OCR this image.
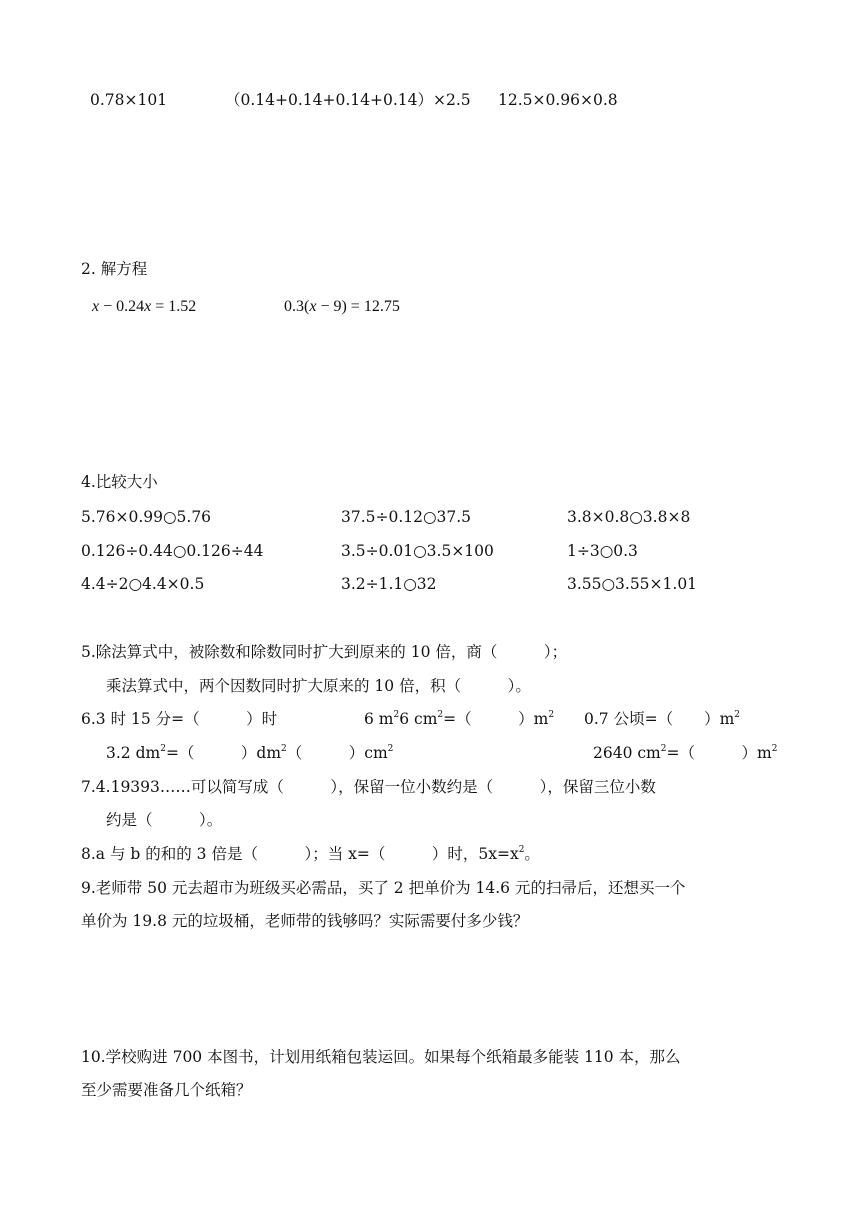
0.78×101	（0.14+0.14+0.14+0.14）×2.5 12.5×0.96×0.8
2. 解方程
x − 0.24x = 1.52	0.3(x − 9) = 12.75
4.比较大小
5.76×0.99○5.76	37.5÷0.12○37.5	3.8×0.8○3.8×8
0.126÷0.44○0.126÷44	3.5÷0.01○3.5×100	1÷3○0.3
4.4÷2○4.4×0.5	3.2÷1.1○32	3.55○3.55×1.01
5.除法算式中，被除数和除数同时扩大到原来的 10 倍，商（　　　）；
乘法算式中，两个因数同时扩大原来的 10 倍，积（　　　）。
6.3 时 15 分=（　　　）时	6 $m^26$ $cm^2=$（　　　）$m^2$ 0.7 公顷=（　　）$m^2$
3.2 $dm^2=$（　　　）$dm^2$（　　　）$cm^2$	2640 $cm^2=$（　　　）$m^2$
7.4.19393……可以简写成（　　　），保留一位小数约是（　　　），保留三位小数
约是（　　　）。
8.a 与 b 的和的 3 倍是（　　　）；当 x=（　　　）时，$5x=x^2$。
9.老师带 50 元去超市为班级买必需品，买了 2 把单价为 14.6 元的扫帚后，还想买一个
单价为 19.8 元的垃圾桶，老师带的钱够吗？实际需要付多少钱？
10.学校购进 700 本图书，计划用纸箱包装运回。如果每个纸箱最多能装 110 本，那么
至少需要准备几个纸箱？
